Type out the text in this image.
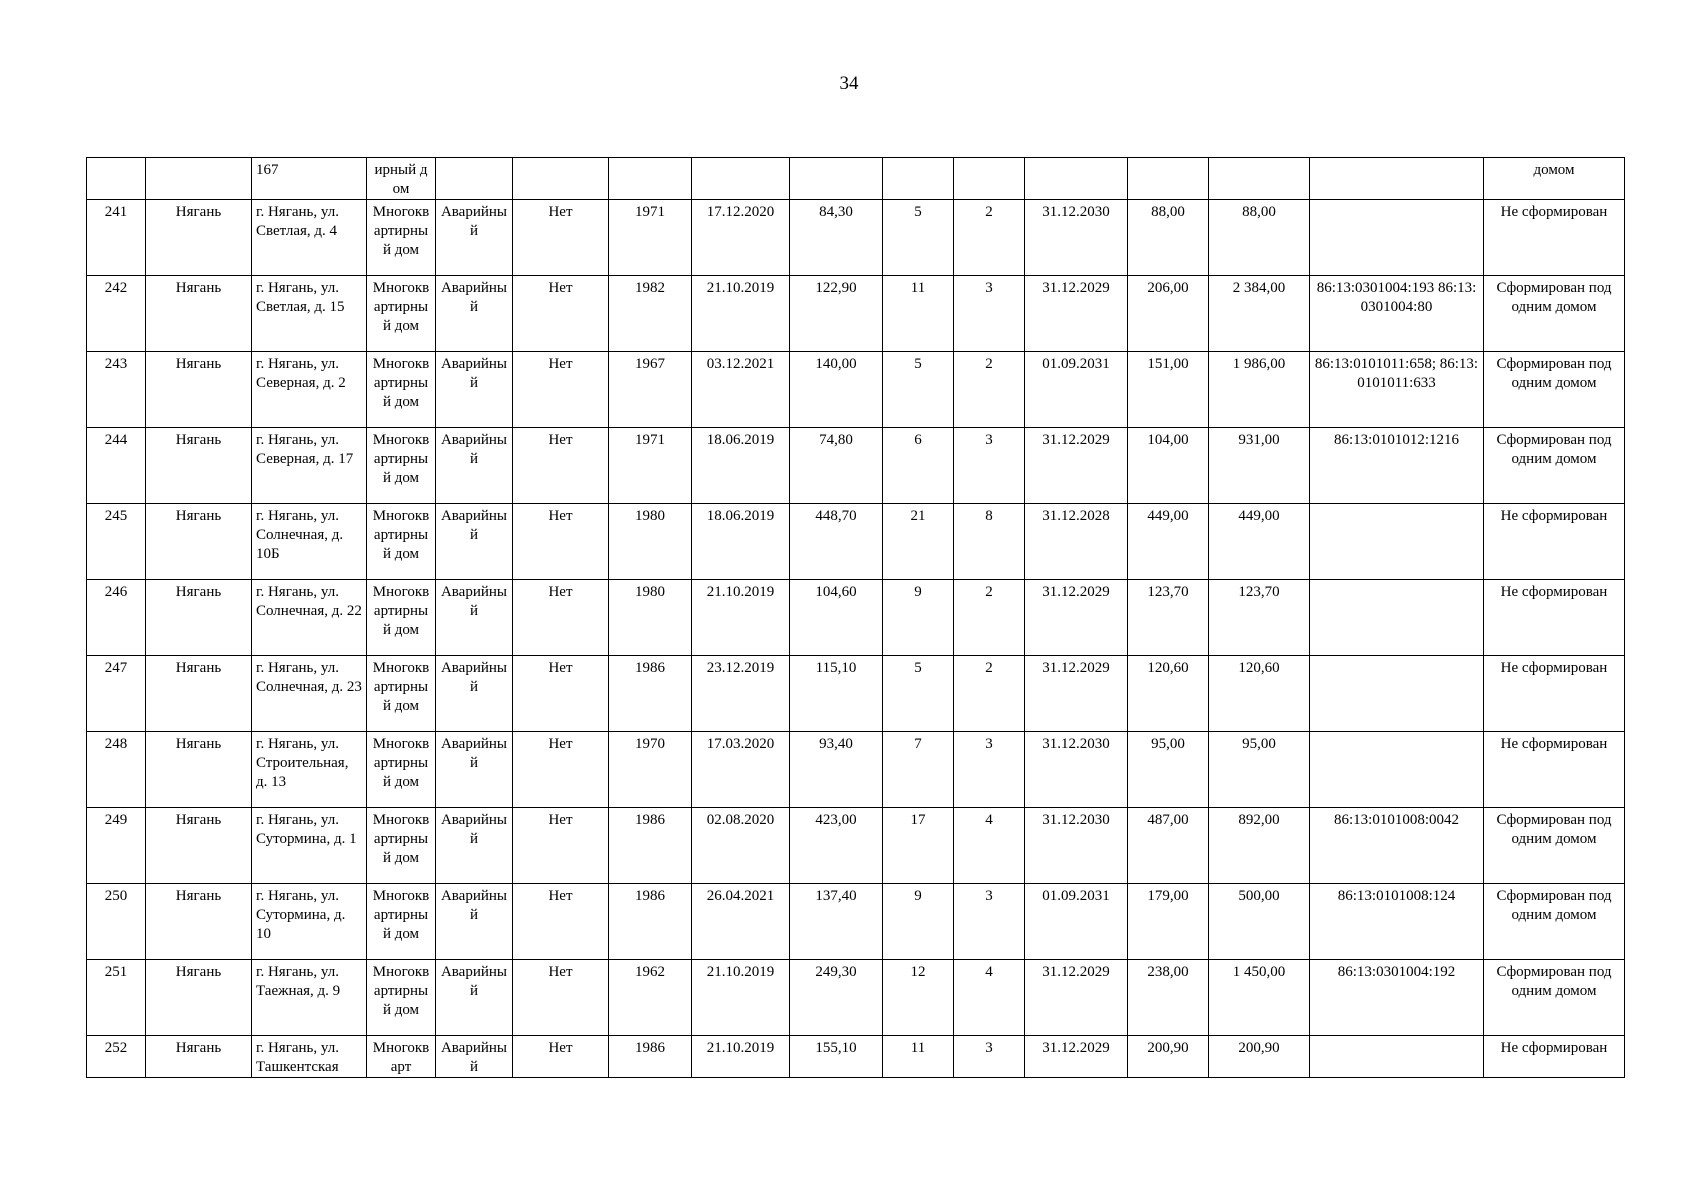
34
		167	ирный дом												домом
241	Нягань	г. Нягань, ул. Светлая, д. 4	Многоквартирный дом	Аварийный	Нет	1971	17.12.2020	84,30	5	2	31.12.2030	88,00	88,00		Не сформирован
242	Нягань	г. Нягань, ул. Светлая, д. 15	Многоквартирный дом	Аварийный	Нет	1982	21.10.2019	122,90	11	3	31.12.2029	206,00	2 384,00	86:13:0301004:193 86:13:0301004:80	Сформирован под одним домом
243	Нягань	г. Нягань, ул. Северная, д. 2	Многоквартирный дом	Аварийный	Нет	1967	03.12.2021	140,00	5	2	01.09.2031	151,00	1 986,00	86:13:0101011:658; 86:13:0101011:633	Сформирован под одним домом
244	Нягань	г. Нягань, ул. Северная, д. 17	Многоквартирный дом	Аварийный	Нет	1971	18.06.2019	74,80	6	3	31.12.2029	104,00	931,00	86:13:0101012:1216	Сформирован под одним домом
245	Нягань	г. Нягань, ул. Солнечная, д. 10Б	Многоквартирный дом	Аварийный	Нет	1980	18.06.2019	448,70	21	8	31.12.2028	449,00	449,00		Не сформирован
246	Нягань	г. Нягань, ул. Солнечная, д. 22	Многоквартирный дом	Аварийный	Нет	1980	21.10.2019	104,60	9	2	31.12.2029	123,70	123,70		Не сформирован
247	Нягань	г. Нягань, ул. Солнечная, д. 23	Многоквартирный дом	Аварийный	Нет	1986	23.12.2019	115,10	5	2	31.12.2029	120,60	120,60		Не сформирован
248	Нягань	г. Нягань, ул. Строительная, д. 13	Многоквартирный дом	Аварийный	Нет	1970	17.03.2020	93,40	7	3	31.12.2030	95,00	95,00		Не сформирован
249	Нягань	г. Нягань, ул. Сутормина, д. 1	Многоквартирный дом	Аварийный	Нет	1986	02.08.2020	423,00	17	4	31.12.2030	487,00	892,00	86:13:0101008:0042	Сформирован под одним домом
250	Нягань	г. Нягань, ул. Сутормина, д. 10	Многоквартирный дом	Аварийный	Нет	1986	26.04.2021	137,40	9	3	01.09.2031	179,00	500,00	86:13:0101008:124	Сформирован под одним домом
251	Нягань	г. Нягань, ул. Таежная, д. 9	Многоквартирный дом	Аварийный	Нет	1962	21.10.2019	249,30	12	4	31.12.2029	238,00	1 450,00	86:13:0301004:192	Сформирован под одним домом
252	Нягань	г. Нягань, ул. Ташкентская	Многокварт	Аварийный	Нет	1986	21.10.2019	155,10	11	3	31.12.2029	200,90	200,90		Не сформирован
